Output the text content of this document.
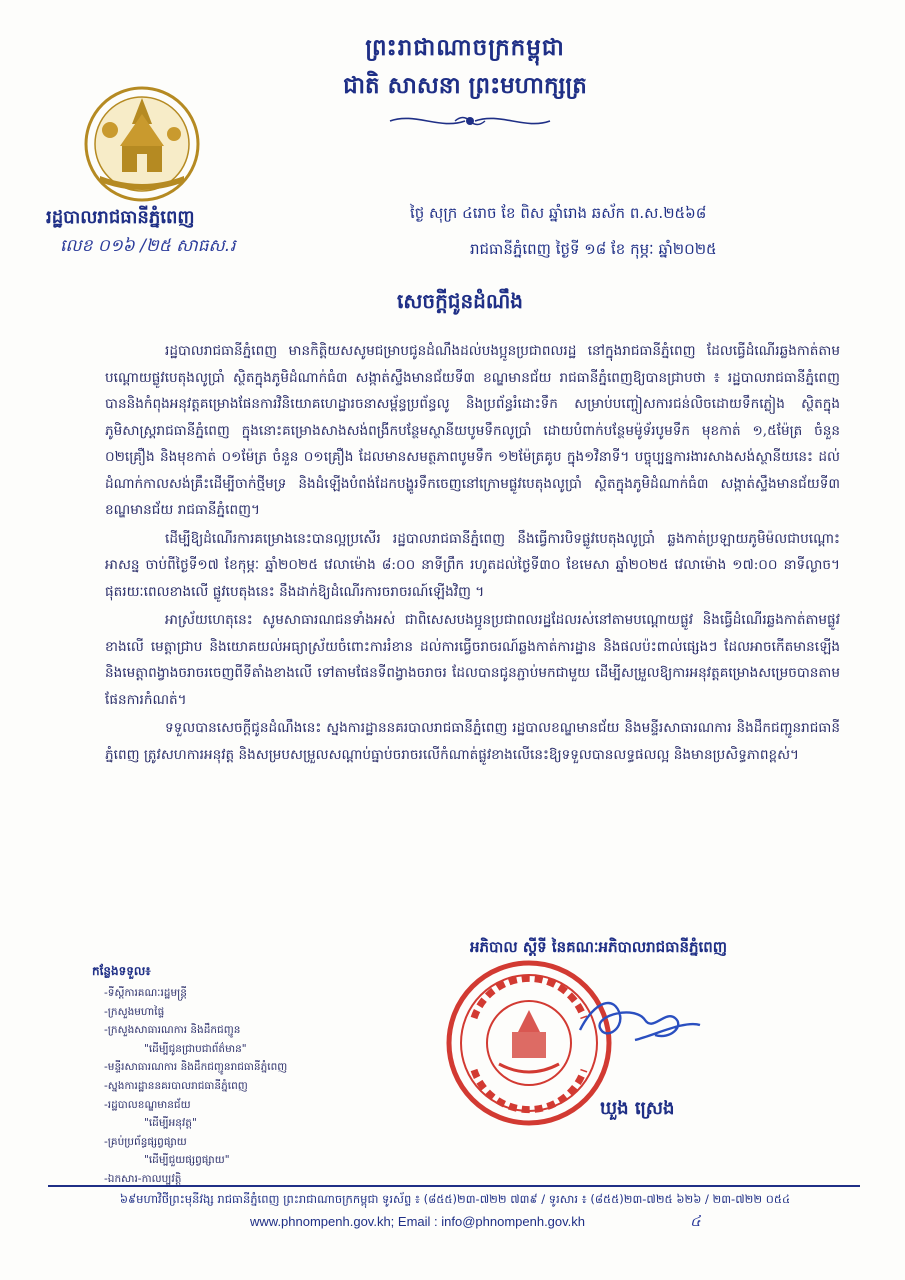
ព្រះរាជាណាចក្រកម្ពុជា
ជាតិ សាសនា ព្រះមហាក្សត្រ
រដ្ឋបាលរាជធានីភ្នំពេញ
លេខ ០១៦ /២៥ សាធស.រ
ថ្ងៃ សុក្រ ៤រោច ខែ ពិស ឆ្នាំរោង ឆស័ក ព.ស.២៥៦៨
រាជធានីភ្នំពេញ ថ្ងៃទី ១៨ ខែ កុម្ភៈ ឆ្នាំ២០២៥
សេចក្តីជូនដំណឹង

រដ្ឋបាលរាជធានីភ្នំពេញ មានកិត្តិយសសូមជម្រាបជូនដំណឹងដល់បងប្អូនប្រជាពលរដ្ឋ នៅក្នុងរាជធានីភ្នំពេញ ដែលធ្វើដំណើរឆ្លងកាត់តាមបណ្តោយផ្លូវបេតុងលូប្រាំ ស្ថិតក្នុងភូមិដំណាក់ធំ៣ សង្កាត់ស្ទឹងមានជ័យទី៣ ខណ្ឌមានជ័យ រាជធានីភ្នំពេញឱ្យបានជ្រាបថា ៖ រដ្ឋបាលរាជធានីភ្នំពេញ បាននិងកំពុងអនុវត្តគម្រោងផែនការវិនិយោគហេដ្ឋារចនាសម្ព័ន្ធប្រព័ន្ធលូ និងប្រព័ន្ធរំដោះទឹក សម្រាប់បញ្ចៀសការជន់លិចដោយទឹកភ្លៀង ស្ថិតក្នុងភូមិសាស្ត្ររាជធានីភ្នំពេញ ក្នុងនោះគម្រោងសាងសង់ពង្រីកបន្ថែមស្ថានីយបូមទឹកលូប្រាំ ដោយបំពាក់បន្ថែមម៉ូទ័របូមទឹក មុខកាត់ ១,៥ម៉ែត្រ ចំនួន ០២គ្រឿង និងមុខកាត់ ០១ម៉ែត្រ ចំនួន ០១គ្រឿង ដែលមានសមត្ថភាពបូមទឹក ១២ម៉ែត្រគូប ក្នុង១វិនាទី។ បច្ចុប្បន្នការងារសាងសង់ស្ថានីយនេះ ដល់ដំណាក់កាលសង់គ្រឹះដើម្បីចាក់ថ្មីមទ្រ និងដំឡើងបំពង់ដែកបង្ហូរទឹកចេញនៅក្រោមផ្លូវបេតុងលូប្រាំ ស្ថិតក្នុងភូមិដំណាក់ធំ៣ សង្កាត់ស្ទឹងមានជ័យទី៣ ខណ្ឌមានជ័យ រាជធានីភ្នំពេញ។

ដើម្បីឱ្យដំណើរការគម្រោងនេះបានល្អប្រសើរ រដ្ឋបាលរាជធានីភ្នំពេញ នឹងធ្វើការបិទផ្លូវបេតុងលូប្រាំ ឆ្លងកាត់ប្រឡាយភូមិម៉លជាបណ្តោះអាសន្ន ចាប់ពីថ្ងៃទី១៧ ខែកុម្ភៈ ឆ្នាំ២០២៥ វេលាម៉ោង ៨:០០ នាទីព្រឹក រហូតដល់ថ្ងៃទី៣០ ខែមេសា ឆ្នាំ២០២៥ វេលាម៉ោង ១៧:០០ នាទីល្ងាច។ ផុតរយៈពេលខាងលើ ផ្លូវបេតុងនេះ នឹងដាក់ឱ្យដំណើរការចរាចរណ៍ឡើងវិញ ។

អាស្រ័យហេតុនេះ សូមសាធារណជនទាំងអស់ ជាពិសេសបងប្អូនប្រជាពលរដ្ឋដែលរស់នៅតាមបណ្តោយផ្លូវ និងធ្វើដំណើរឆ្លងកាត់តាមផ្លូវខាងលើ មេត្តាជ្រាប និងយោគយល់អធ្យាស្រ័យចំពោះការរំខាន ដល់ការធ្វើចរាចរណ៍ឆ្លងកាត់ការដ្ឋាន និងផលប៉ះពាល់ផ្សេងៗ ដែលអាចកើតមានឡើង និងមេត្តាពង្វាងចរាចរចេញពីទីតាំងខាងលើ ទៅតាមផែនទីពង្វាងចរាចរ ដែលបានជូនភ្ជាប់មកជាមួយ ដើម្បីសម្រួលឱ្យការអនុវត្តគម្រោងសម្រេចបានតាមផែនការកំណត់។

ទទួលបានសេចក្តីជូនដំណឹងនេះ ស្នងការដ្ឋាននគរបាលរាជធានីភ្នំពេញ រដ្ឋបាលខណ្ឌមានជ័យ និងមន្ទីរសាធារណការ និងដឹកជញ្ជូនរាជធានីភ្នំពេញ ត្រូវសហការអនុវត្ត និងសម្របសម្រួលសណ្តាប់ធ្នាប់ចរាចរលើកំណាត់ផ្លូវខាងលើនេះឱ្យទទួលបានលទ្ធផលល្អ និងមានប្រសិទ្ធភាពខ្ពស់។

អភិបាល ស្តីទី នៃគណៈអភិបាលរាជធានីភ្នំពេញ
ឃួង ស្រេង
កន្លែងទទួល៖
-ទីស្តីការគណៈរដ្ឋមន្ត្រី
-ក្រសួងមហាផ្ទៃ
-ក្រសួងសាធារណការ និងដឹកជញ្ជូន
"ដើម្បីជូនជ្រាបជាព័ត៌មាន"
-មន្ទីរសាធារណការ និងដឹកជញ្ជូនរាជធានីភ្នំពេញ
-ស្នងការដ្ឋាននគរបាលរាជធានីភ្នំពេញ
-រដ្ឋបាលខណ្ឌមានជ័យ
"ដើម្បីអនុវត្ត"
-គ្រប់ប្រព័ន្ធផ្សព្វផ្សាយ
"ដើម្បីជួយផ្សព្វផ្សាយ"
-ឯកសារ-កាលប្បវត្តិ
៦៩មហាវិថីព្រះមុនីវង្ស រាជធានីភ្នំពេញ ព្រះរាជាណាចក្រកម្ពុជា ទូរស័ព្ទ ៖ (៨៥៥)២៣-៧២២ ៧៣៩ / ទូរសារ ៖ (៨៥៥)២៣-៧២៥ ៦២៦ / ២៣-៧២២ ០៥៤
www.phnompenh.gov.kh; Email : info@phnompenh.gov.kh	៤
